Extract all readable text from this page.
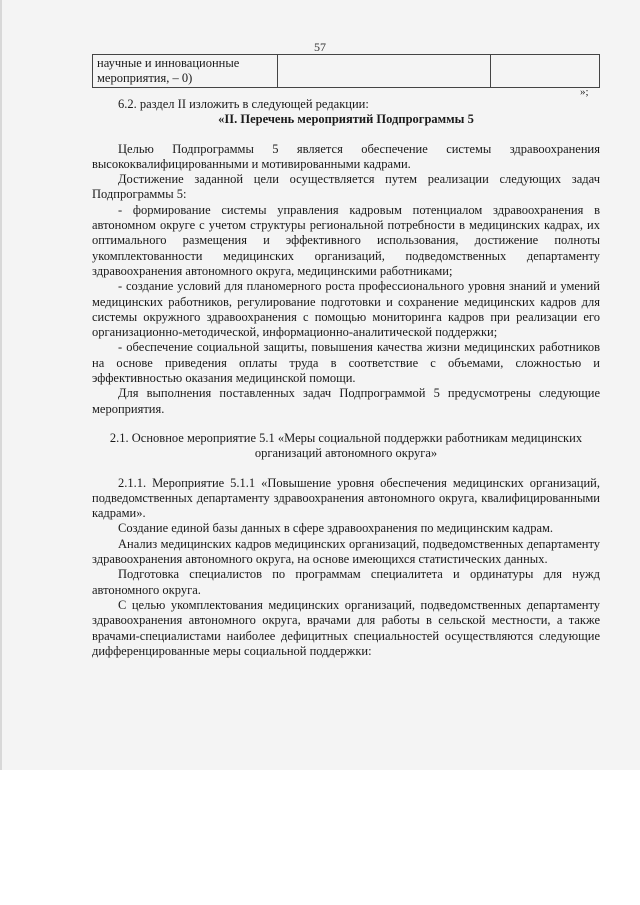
57
научные и инновационные мероприятия, – 0)		
»;

6.2. раздел II изложить в следующей редакции:

«II. Перечень мероприятий Подпрограммы 5

Целью Подпрограммы 5 является обеспечение системы здравоохранения высококвалифицированными и мотивированными кадрами.

Достижение заданной цели осуществляется путем реализации следующих задач Подпрограммы 5:

- формирование системы управления кадровым потенциалом здравоохранения в автономном округе с учетом структуры региональной потребности в медицинских кадрах, их оптимального размещения и эффективного использования, достижение полноты укомплектованности медицинских организаций, подведомственных департаменту здравоохранения автономного округа, медицинскими работниками;

- создание условий для планомерного роста профессионального уровня знаний и умений медицинских работников, регулирование подготовки и сохранение медицинских кадров для системы окружного здравоохранения с помощью мониторинга кадров при реализации его организационно-методической, информационно-аналитической поддержки;

- обеспечение социальной защиты, повышения качества жизни медицинских работников на основе приведения оплаты труда в соответствие с объемами, сложностью и эффективностью оказания медицинской помощи.

Для выполнения поставленных задач Подпрограммой 5 предусмотрены следующие мероприятия.

2.1. Основное мероприятие 5.1 «Меры социальной поддержки работникам медицинских организаций автономного округа»

2.1.1. Мероприятие 5.1.1 «Повышение уровня обеспечения медицинских организаций, подведомственных департаменту здравоохранения автономного округа, квалифицированными кадрами».

Создание единой базы данных в сфере здравоохранения по медицинским кадрам.

Анализ медицинских кадров медицинских организаций, подведомственных департаменту здравоохранения автономного округа, на основе имеющихся статистических данных.

Подготовка специалистов по программам специалитета и ординатуры для нужд автономного округа.

С целью укомплектования медицинских организаций, подведомственных департаменту здравоохранения автономного округа, врачами для работы в сельской местности, а также врачами-специалистами наиболее дефицитных специальностей осуществляются следующие дифференцированные меры социальной поддержки:
